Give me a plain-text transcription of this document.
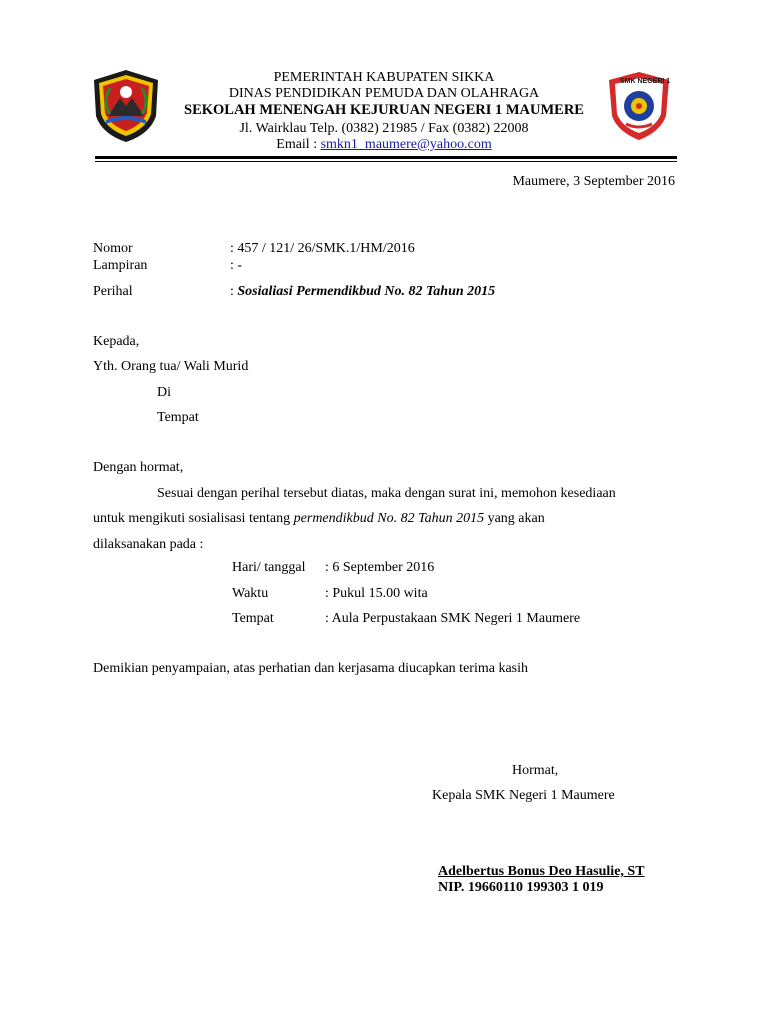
SMK NEGERI 1
PEMERINTAH KABUPATEN SIKKA
DINAS PENDIDIKAN PEMUDA DAN OLAHRAGA
SEKOLAH MENENGAH KEJURUAN NEGERI 1 MAUMERE
Jl. Wairklau Telp. (0382) 21985 / Fax (0382) 22008
Email : smkn1_maumere@yahoo.com
Maumere, 3 September 2016
Nomor	: 457 / 121/ 26/SMK.1/HM/2016
Lampiran	: -
Perihal	: Sosialiasi Permendikbud No. 82 Tahun 2015
Kepada,
Yth. Orang tua/ Wali Murid
Di
Tempat
Dengan hormat,
Sesuai dengan perihal tersebut diatas, maka dengan surat ini, memohon kesediaan
untuk mengikuti sosialisasi tentang permendikbud No. 82 Tahun 2015 yang akan
dilaksanakan pada :
Hari/ tanggal : 6 September 2016
Waktu	: Pukul 15.00 wita
Tempat	: Aula Perpustakaan SMK Negeri 1 Maumere
Demikian penyampaian, atas perhatian dan kerjasama diucapkan terima kasih
Hormat,
Kepala SMK Negeri 1 Maumere
Adelbertus Bonus Deo Hasulie, ST
NIP. 19660110 199303 1 019
